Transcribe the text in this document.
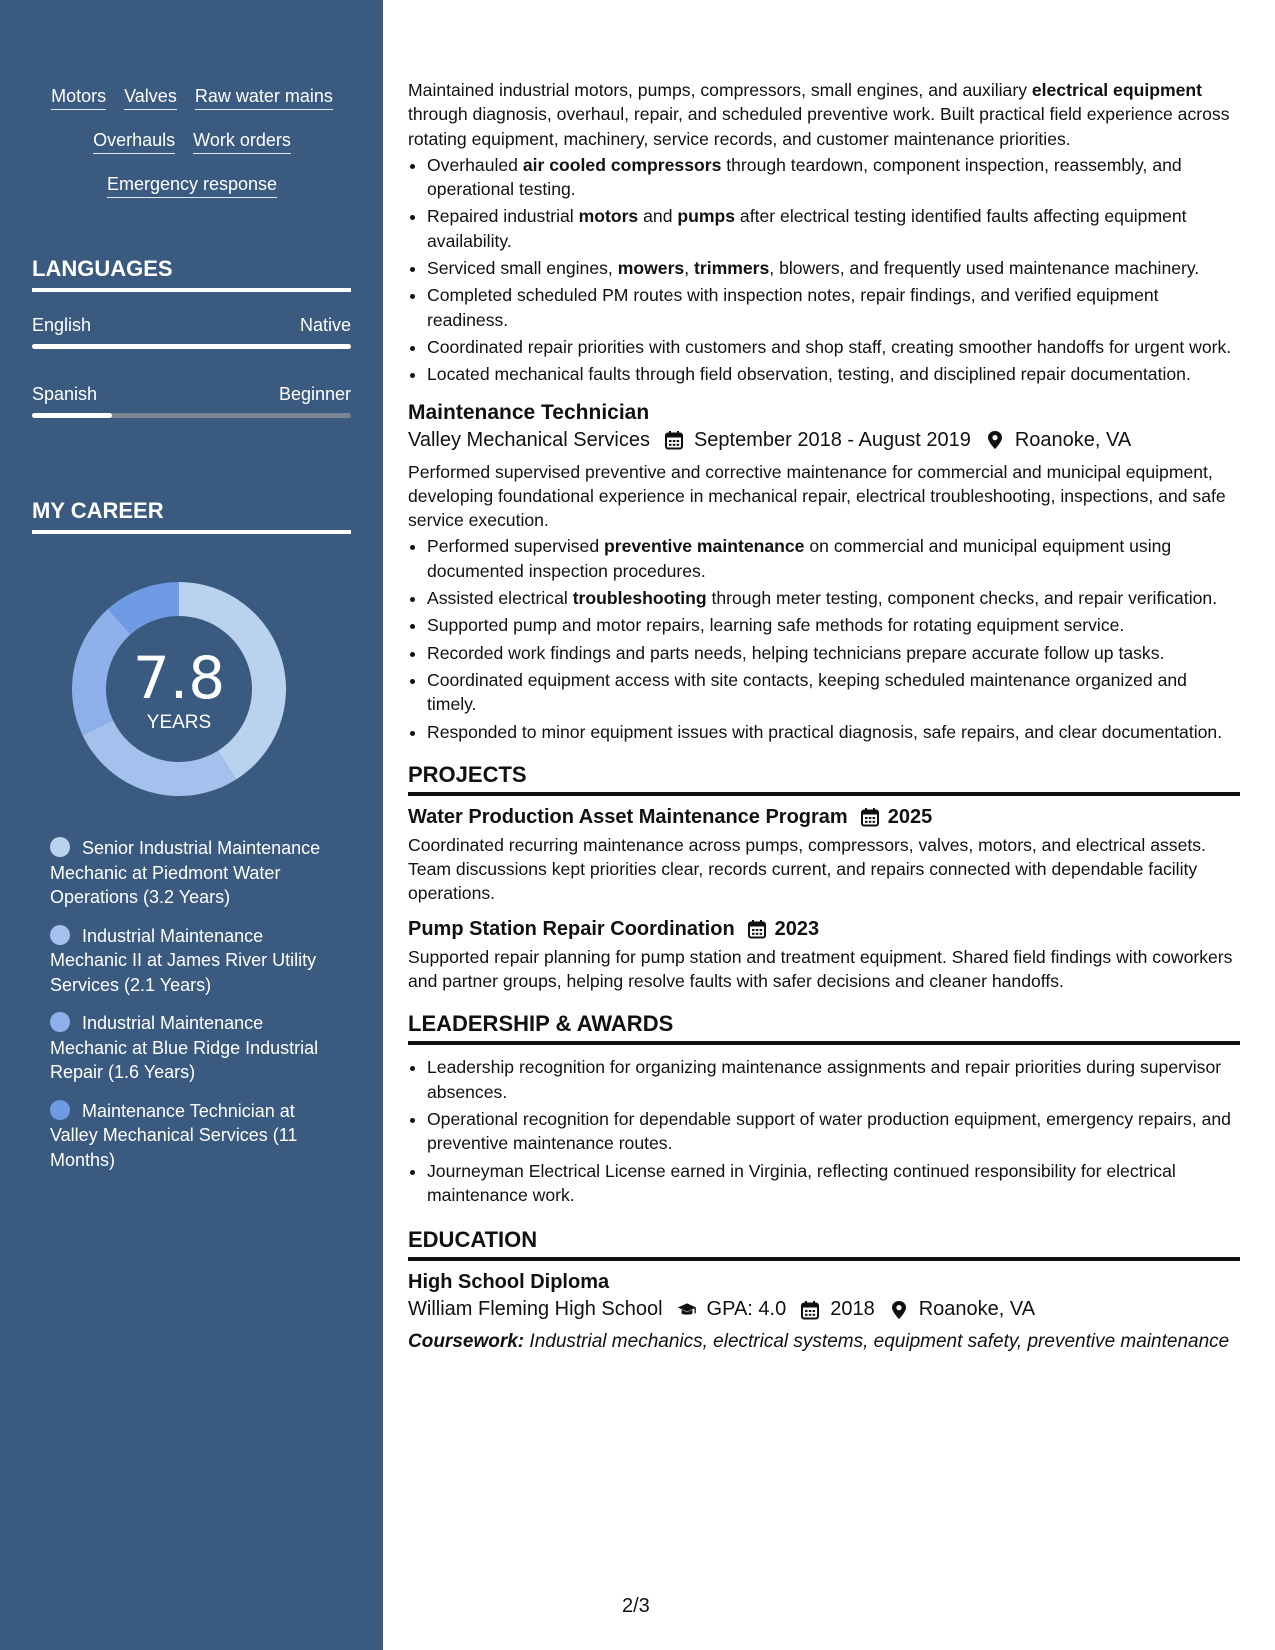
Motors Valves Raw water mains
Overhauls Work orders
Emergency response
LANGUAGES
English	Native
Spanish	Beginner
MY CAREER
7.8
YEARS
Senior Industrial Maintenance Mechanic at Piedmont Water Operations (3.2 Years)
Industrial Maintenance Mechanic II at James River Utility Services (2.1 Years)
Industrial Maintenance Mechanic at Blue Ridge Industrial Repair (1.6 Years)
Maintenance Technician at Valley Mechanical Services (11 Months)

Maintained industrial motors, pumps, compressors, small engines, and auxiliary electrical equipment through diagnosis, overhaul, repair, and scheduled preventive work. Built practical field experience across rotating equipment, machinery, service records, and customer maintenance priorities.

• Overhauled air cooled compressors through teardown, component inspection, reassembly, and operational testing.
• Repaired industrial motors and pumps after electrical testing identified faults affecting equipment availability.
• Serviced small engines, mowers, trimmers, blowers, and frequently used maintenance machinery.
• Completed scheduled PM routes with inspection notes, repair findings, and verified equipment readiness.
• Coordinated repair priorities with customers and shop staff, creating smoother handoffs for urgent work.
• Located mechanical faults through field observation, testing, and disciplined repair documentation.
Maintenance Technician
Valley Mechanical Services September 2018 - August 2019 Roanoke, VA

Performed supervised preventive and corrective maintenance for commercial and municipal equipment, developing foundational experience in mechanical repair, electrical troubleshooting, inspections, and safe service execution.

• Performed supervised preventive maintenance on commercial and municipal equipment using documented inspection procedures.
• Assisted electrical troubleshooting through meter testing, component checks, and repair verification.
• Supported pump and motor repairs, learning safe methods for rotating equipment service.
• Recorded work findings and parts needs, helping technicians prepare accurate follow up tasks.
• Coordinated equipment access with site contacts, keeping scheduled maintenance organized and timely.
• Responded to minor equipment issues with practical diagnosis, safe repairs, and clear documentation.
PROJECTS
Water Production Asset Maintenance Program 2025

Coordinated recurring maintenance across pumps, compressors, valves, motors, and electrical assets. Team discussions kept priorities clear, records current, and repairs connected with dependable facility operations.

Pump Station Repair Coordination 2023

Supported repair planning for pump station and treatment equipment. Shared field findings with coworkers and partner groups, helping resolve faults with safer decisions and cleaner handoffs.

LEADERSHIP & AWARDS
• Leadership recognition for organizing maintenance assignments and repair priorities during supervisor absences.
• Operational recognition for dependable support of water production equipment, emergency repairs, and preventive maintenance routes.
• Journeyman Electrical License earned in Virginia, reflecting continued responsibility for electrical maintenance work.
EDUCATION
High School Diploma
William Fleming High School GPA: 4.0 2018 Roanoke, VA
Coursework: Industrial mechanics, electrical systems, equipment safety, preventive maintenance
2/3
